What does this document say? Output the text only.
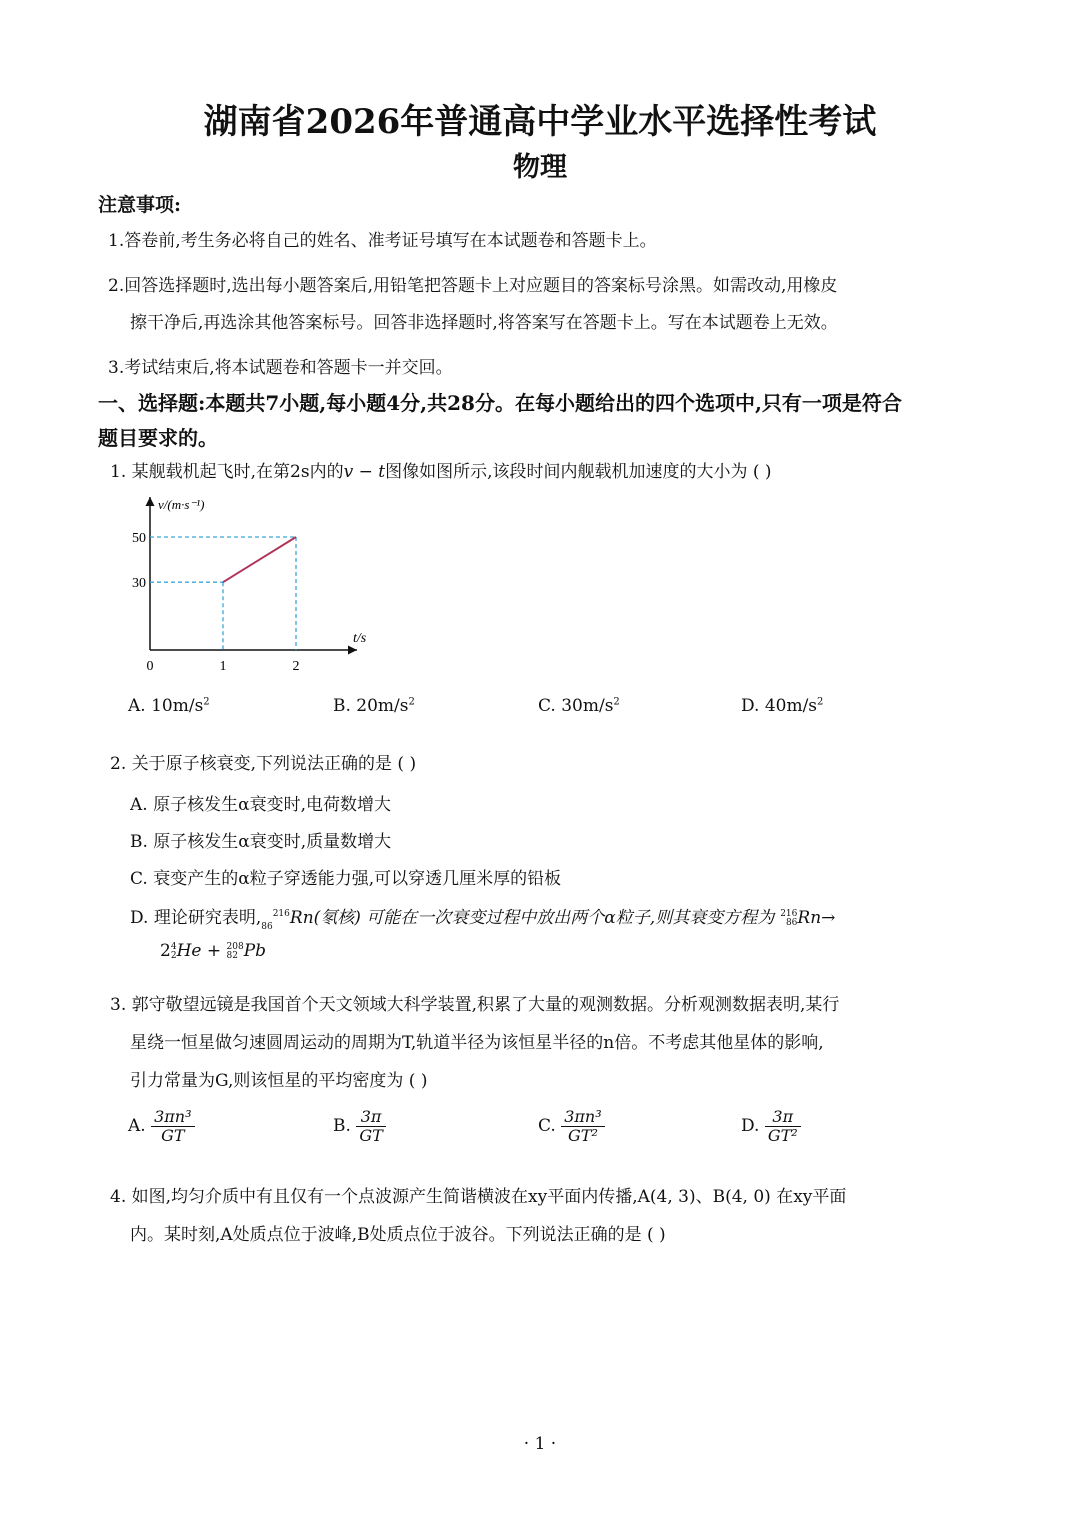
湖南省2026年普通高中学业水平选择性考试
物理
注意事项:
1.答卷前,考生务必将自己的姓名、准考证号填写在本试题卷和答题卡上。
2.回答选择题时,选出每小题答案后,用铅笔把答题卡上对应题目的答案标号涂黑。如需改动,用橡皮
擦干净后,再选涂其他答案标号。回答非选择题时,将答案写在答题卡上。写在本试题卷上无效。
3.考试结束后,将本试题卷和答题卡一并交回。
一、选择题:本题共7小题,每小题4分,共28分。在每小题给出的四个选项中,只有一项是符合
题目要求的。
1. 某舰载机起飞时,在第2s内的v − t图像如图所示,该段时间内舰载机加速度的大小为 ( )
0	1	2
30
50
v/(m·s⁻¹)
t/s
A. $10m/s^2$	B. $20m/s^2$	C. $30m/s^2$	D. $40m/s^2$
2. 关于原子核衰变,下列说法正确的是 ( )
A. 原子核发生α衰变时,电荷数增大
B. 原子核发生α衰变时,质量数增大
C. 衰变产生的α粒子穿透能力强,可以穿透几厘米厚的铅板
D. 理论研究表明$,_{86}^{216}Rn$(氡核) 可能在一次衰变过程中放出两个α粒子,则其衰变方程为 216
86 Rn→
2 4
2 He + 208
82 Pb
3. 郭守敬望远镜是我国首个天文领域大科学装置,积累了大量的观测数据。分析观测数据表明,某行
星绕一恒星做匀速圆周运动的周期为T,轨道半径为该恒星半径的n倍。不考虑其他星体的影响,
引力常量为G,则该恒星的平均密度为 ( )
A. $\frac{\text{3πn³}}{GT}$	B. $\frac{3\pi}{GT}$	C. $\frac{\text{3πn³}}{\text{GT²}}$	D. $\frac{3\pi}{\text{GT²}}$
4. 如图,均匀介质中有且仅有一个点波源产生简谐横波在xy平面内传播,A(4, 3)、B(4, 0) 在xy平面
内。某时刻,A处质点位于波峰,B处质点位于波谷。下列说法正确的是 ( )
· 1 ·
